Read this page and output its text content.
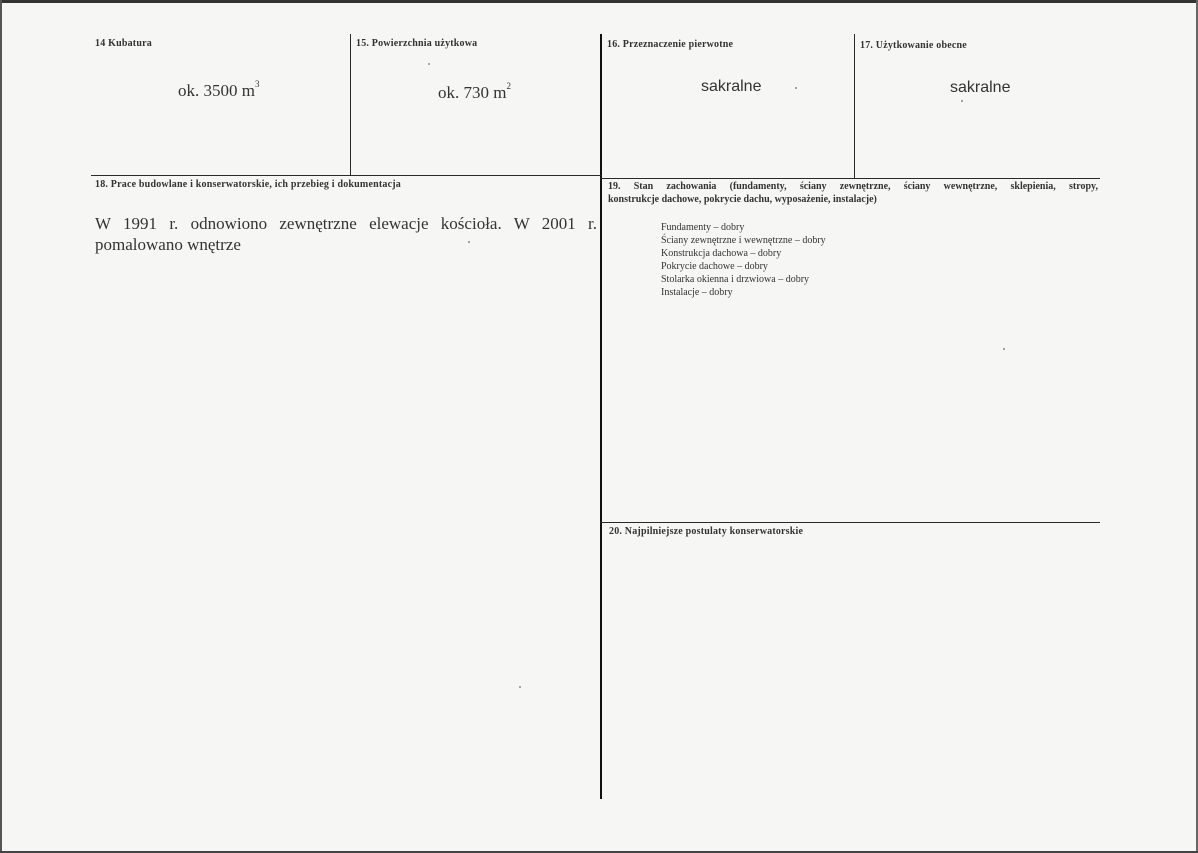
14 Kubatura
ok. 3500 $m^3$
15. Powierzchnia użytkowa
ok. 730 $m^2$
16. Przeznaczenie pierwotne
sakralne
17. Użytkowanie obecne
sakralne
18. Prace budowlane i konserwatorskie, ich przebieg i dokumentacja
W 1991 r. odnowiono zewnętrzne elewacje kościoła. W 2001 r.
pomalowano wnętrze
19. Stan zachowania (fundamenty, ściany zewnętrzne, ściany wewnętrzne, sklepienia, stropy,
konstrukcje dachowe, pokrycie dachu, wyposażenie, instalacje)
Fundamenty – dobry
Ściany zewnętrzne i wewnętrzne – dobry
Konstrukcja dachowa – dobry
Pokrycie dachowe – dobry
Stolarka okienna i drzwiowa – dobry
Instalacje – dobry
20. Najpilniejsze postulaty konserwatorskie
